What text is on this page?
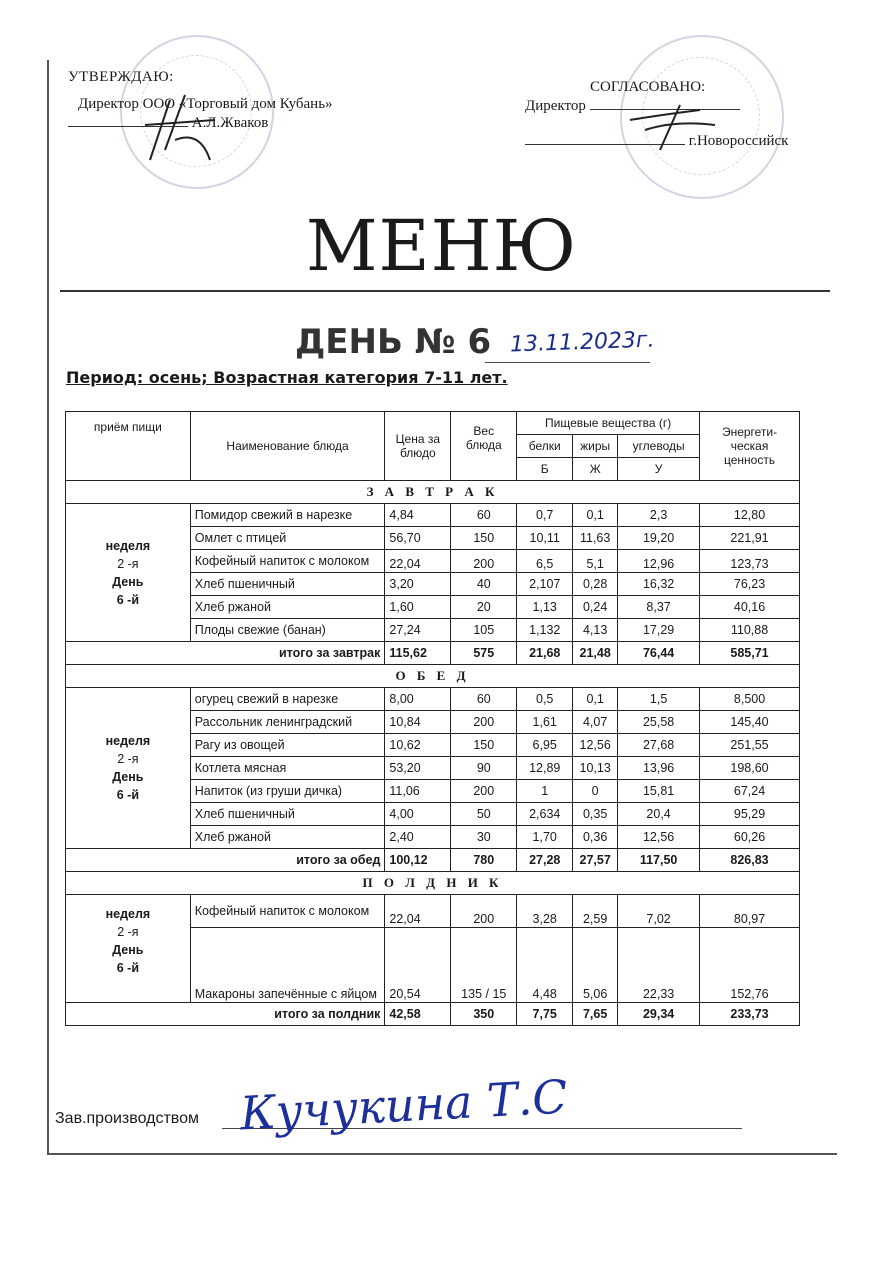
УТВЕРЖДАЮ:
Директор ООО «Торговый дом Кубань»
А.Л.Жваков
СОГЛАСОВАНО:
Директор
г.Новороссийск
МЕНЮ
ДЕНЬ № 6 13.11.2023г.
Период: осень; Возрастная категория 7-11 лет.
приём пищи	Наименование блюда	Цена за блюдо	Вес блюда	Пищевые вещества (г)			Энергети-ческая ценность
				белки	жиры	углеводы	
				Б	Ж	У	
З А В Т Р А К							

неделя
2 -я
День
6 -й	Помидор свежий в нарезке	4,84	60	0,7	0,1	2,3	12,80
	Омлет с птицей	56,70	150	10,11	11,63	19,20	221,91
	Кофейный напиток с молоком	22,04	200	6,5	5,1	12,96	123,73
	Хлеб пшеничный	3,20	40	2,107	0,28	16,32	76,23
	Хлеб ржаной	1,60	20	1,13	0,24	8,37	40,16
	Плоды свежие (банан)	27,24	105	1,132	4,13	17,29	110,88
итого за завтрак		115,62	575	21,68	21,48	76,44	585,71
О Б Е Д							

неделя
2 -я
День
6 -й	огурец свежий в нарезке	8,00	60	0,5	0,1	1,5	8,500
	Рассольник ленинградский	10,84	200	1,61	4,07	25,58	145,40
	Рагу из овощей	10,62	150	6,95	12,56	27,68	251,55
	Котлета мясная	53,20	90	12,89	10,13	13,96	198,60
	Напиток (из груши дичка)	11,06	200	1	0	15,81	67,24
	Хлеб пшеничный	4,00	50	2,634	0,35	20,4	95,29
	Хлеб ржаной	2,40	30	1,70	0,36	12,56	60,26
итого за обед		100,12	780	27,28	27,57	117,50	826,83
П О Л Д Н И К							

неделя
2 -я
День
6 -й	Кофейный напиток с молоком	22,04	200	3,28	2,59	7,02	80,97
	Макароны запечённые с яйцом	20,54	135 / 15	4,48	5,06	22,33	152,76
итого за полдник		42,58	350	7,75	7,65	29,34	233,73
Зав.производством Кучукина Т.С
